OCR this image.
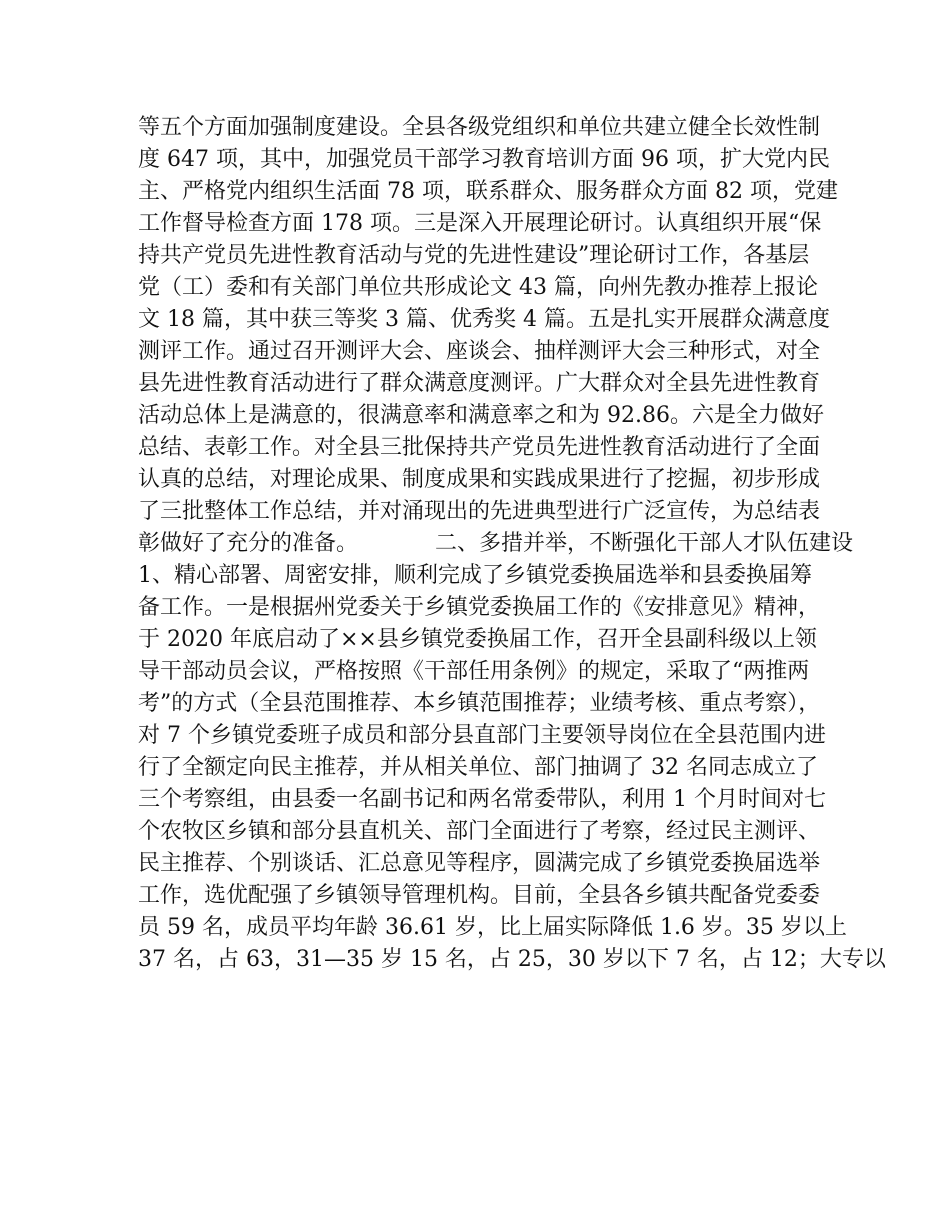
等五个方面加强制度建设。全县各级党组织和单位共建立健全长效性制
度 647 项，其中，加强党员干部学习教育培训方面 96 项，扩大党内民
主、严格党内组织生活面 78 项，联系群众、服务群众方面 82 项，党建
工作督导检查方面 178 项。三是深入开展理论研讨。认真组织开展“保
持共产党员先进性教育活动与党的先进性建设”理论研讨工作，各基层
党（工）委和有关部门单位共形成论文 43 篇，向州先教办推荐上报论
文 18 篇，其中获三等奖 3 篇、优秀奖 4 篇。五是扎实开展群众满意度
测评工作。通过召开测评大会、座谈会、抽样测评大会三种形式，对全
县先进性教育活动进行了群众满意度测评。广大群众对全县先进性教育
活动总体上是满意的，很满意率和满意率之和为 92.86。六是全力做好
总结、表彰工作。对全县三批保持共产党员先进性教育活动进行了全面
认真的总结，对理论成果、制度成果和实践成果进行了挖掘，初步形成
了三批整体工作总结，并对涌现出的先进典型进行广泛宣传，为总结表
彰做好了充分的准备。　　　　二、多措并举，不断强化干部人才队伍建设
1、精心部署、周密安排，顺利完成了乡镇党委换届选举和县委换届筹
备工作。一是根据州党委关于乡镇党委换届工作的《安排意见》精神，
于 2020 年底启动了××县乡镇党委换届工作，召开全县副科级以上领
导干部动员会议，严格按照《干部任用条例》的规定，采取了“两推两
考”的方式（全县范围推荐、本乡镇范围推荐；业绩考核、重点考察），
对 7 个乡镇党委班子成员和部分县直部门主要领导岗位在全县范围内进
行了全额定向民主推荐，并从相关单位、部门抽调了 32 名同志成立了
三个考察组，由县委一名副书记和两名常委带队，利用 1 个月时间对七
个农牧区乡镇和部分县直机关、部门全面进行了考察，经过民主测评、
民主推荐、个别谈话、汇总意见等程序，圆满完成了乡镇党委换届选举
工作，选优配强了乡镇领导管理机构。目前，全县各乡镇共配备党委委
员 59 名，成员平均年龄 36.61 岁，比上届实际降低 1.6 岁。35 岁以上
37 名，占 63，31—35 岁 15 名，占 25，30 岁以下 7 名，占 12；大专以
